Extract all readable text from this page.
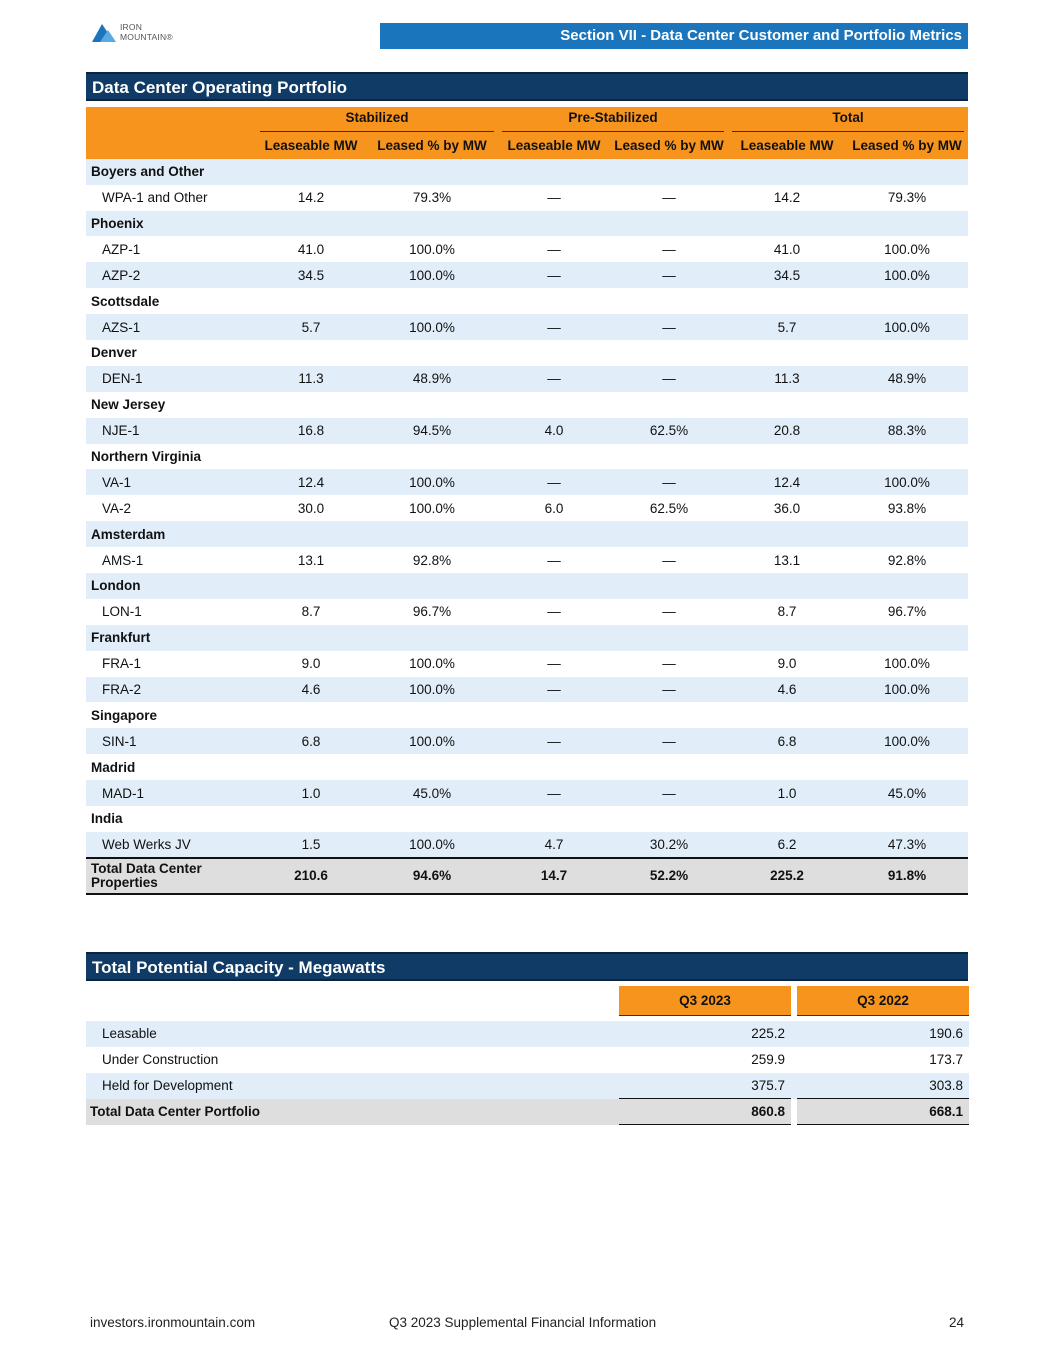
IRON
MOUNTAIN®	Section VII - Data Center Customer and Portfolio Metrics
Data Center Operating Portfolio

	Stabilized		Pre-Stabilized		Total	

	Leaseable MW	Leased % by MW	Leaseable MW	Leased % by MW	Leaseable MW	Leased % by MW
Boyers and Other						
WPA-1 and Other	14.2	79.3%	—	—	14.2	79.3%
Phoenix						
AZP-1	41.0	100.0%	—	—	41.0	100.0%
AZP-2	34.5	100.0%	—	—	34.5	100.0%
Scottsdale						
AZS-1	5.7	100.0%	—	—	5.7	100.0%
Denver						
DEN-1	11.3	48.9%	—	—	11.3	48.9%
New Jersey						
NJE-1	16.8	94.5%	4.0	62.5%	20.8	88.3%
Northern Virginia						
VA-1	12.4	100.0%	—	—	12.4	100.0%
VA-2	30.0	100.0%	6.0	62.5%	36.0	93.8%
Amsterdam						
AMS-1	13.1	92.8%	—	—	13.1	92.8%
London						
LON-1	8.7	96.7%	—	—	8.7	96.7%
Frankfurt						
FRA-1	9.0	100.0%	—	—	9.0	100.0%
FRA-2	4.6	100.0%	—	—	4.6	100.0%
Singapore						
SIN-1	6.8	100.0%	—	—	6.8	100.0%
Madrid						
MAD-1	1.0	45.0%	—	—	1.0	45.0%
India						
Web Werks JV	1.5	100.0%	4.7	30.2%	6.2	47.3%

Total Data Center
Properties	210.6	94.6%	14.7	52.2%	225.2	91.8%
Total Potential Capacity - Megawatts
	Q3 2023		Q3 2022

Leasable	225.2		190.6
Under Construction	259.9		173.7
Held for Development	375.7		303.8
Total Data Center Portfolio	860.8		668.1
investors.ironmountain.com	Q3 2023 Supplemental Financial Information	24
